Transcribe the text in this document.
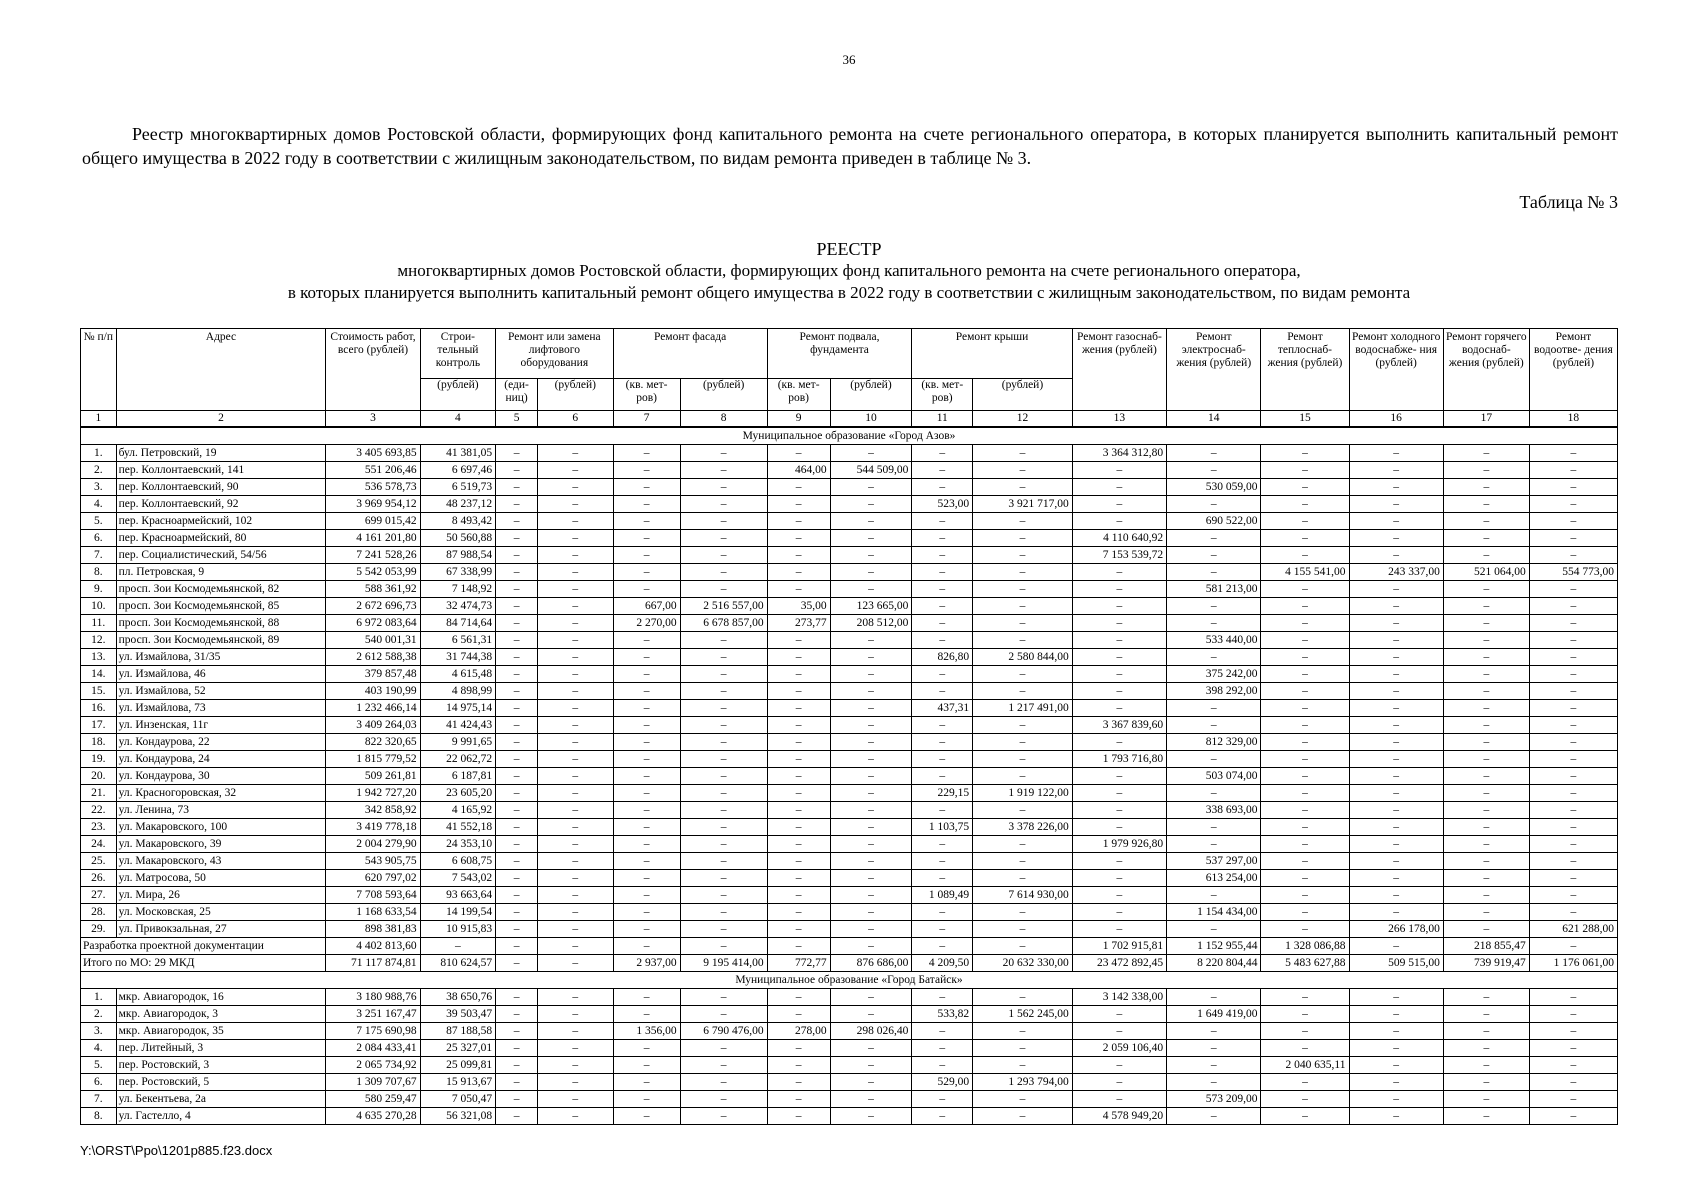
36
Реестр многоквартирных домов Ростовской области, формирующих фонд капитального ремонта на счете регионального оператора, в которых планируется выполнить капитальный ремонт общего имущества в 2022 году в соответствии с жилищным законодательством, по видам ремонта приведен в таблице № 3.
Таблица № 3
РЕЕСТР
многоквартирных домов Ростовской области, формирующих фонд капитального ремонта на счете регионального оператора,
в которых планируется выполнить капитальный ремонт общего имущества в 2022 году в соответствии с жилищным законодательством, по видам ремонта
№ п/п	Адрес	Стоимость работ, всего (рублей)	Строи- тельный контроль	Ремонт или замена лифтового оборудования		Ремонт фасада		Ремонт подвала, фундамента		Ремонт крыши		Ремонт газоснаб- жения (рублей)	Ремонт электроснаб- жения (рублей)	Ремонт теплоснаб- жения (рублей)	Ремонт холодного водоснабже- ния (рублей)	Ремонт горячего водоснаб- жения (рублей)	Ремонт водоотве- дения (рублей)
			(рублей)	(еди- ниц)	(рублей)	(кв. мет- ров)	(рублей)	(кв. мет- ров)	(рублей)	(кв. мет- ров)	(рублей)						
1	2	3	4	5	6	7	8	9	10	11	12	13	14	15	16	17	18
Муниципальное образование «Город Азов»																	
1.	бул. Петровский, 19	3 405 693,85	41 381,05	–	–	–	–	–	–	–	–	3 364 312,80	–	–	–	–	–
2.	пер. Коллонтаевский, 141	551 206,46	6 697,46	–	–	–	–	464,00	544 509,00	–	–	–	–	–	–	–	–
3.	пер. Коллонтаевский, 90	536 578,73	6 519,73	–	–	–	–	–	–	–	–	–	530 059,00	–	–	–	–
4.	пер. Коллонтаевский, 92	3 969 954,12	48 237,12	–	–	–	–	–	–	523,00	3 921 717,00	–	–	–	–	–	–
5.	пер. Красноармейский, 102	699 015,42	8 493,42	–	–	–	–	–	–	–	–	–	690 522,00	–	–	–	–
6.	пер. Красноармейский, 80	4 161 201,80	50 560,88	–	–	–	–	–	–	–	–	4 110 640,92	–	–	–	–	–
7.	пер. Социалистический, 54/56	7 241 528,26	87 988,54	–	–	–	–	–	–	–	–	7 153 539,72	–	–	–	–	–
8.	пл. Петровская, 9	5 542 053,99	67 338,99	–	–	–	–	–	–	–	–	–	–	4 155 541,00	243 337,00	521 064,00	554 773,00
9.	просп. Зои Космодемьянской, 82	588 361,92	7 148,92	–	–	–	–	–	–	–	–	–	581 213,00	–	–	–	–
10.	просп. Зои Космодемьянской, 85	2 672 696,73	32 474,73	–	–	667,00	2 516 557,00	35,00	123 665,00	–	–	–	–	–	–	–	–
11.	просп. Зои Космодемьянской, 88	6 972 083,64	84 714,64	–	–	2 270,00	6 678 857,00	273,77	208 512,00	–	–	–	–	–	–	–	–
12.	просп. Зои Космодемьянской, 89	540 001,31	6 561,31	–	–	–	–	–	–	–	–	–	533 440,00	–	–	–	–
13.	ул. Измайлова, 31/35	2 612 588,38	31 744,38	–	–	–	–	–	–	826,80	2 580 844,00	–	–	–	–	–	–
14.	ул. Измайлова, 46	379 857,48	4 615,48	–	–	–	–	–	–	–	–	–	375 242,00	–	–	–	–
15.	ул. Измайлова, 52	403 190,99	4 898,99	–	–	–	–	–	–	–	–	–	398 292,00	–	–	–	–
16.	ул. Измайлова, 73	1 232 466,14	14 975,14	–	–	–	–	–	–	437,31	1 217 491,00	–	–	–	–	–	–
17.	ул. Инзенская, 11г	3 409 264,03	41 424,43	–	–	–	–	–	–	–	–	3 367 839,60	–	–	–	–	–
18.	ул. Кондаурова, 22	822 320,65	9 991,65	–	–	–	–	–	–	–	–	–	812 329,00	–	–	–	–
19.	ул. Кондаурова, 24	1 815 779,52	22 062,72	–	–	–	–	–	–	–	–	1 793 716,80	–	–	–	–	–
20.	ул. Кондаурова, 30	509 261,81	6 187,81	–	–	–	–	–	–	–	–	–	503 074,00	–	–	–	–
21.	ул. Красногоровская, 32	1 942 727,20	23 605,20	–	–	–	–	–	–	229,15	1 919 122,00	–	–	–	–	–	–
22.	ул. Ленина, 73	342 858,92	4 165,92	–	–	–	–	–	–	–	–	–	338 693,00	–	–	–	–
23.	ул. Макаровского, 100	3 419 778,18	41 552,18	–	–	–	–	–	–	1 103,75	3 378 226,00	–	–	–	–	–	–
24.	ул. Макаровского, 39	2 004 279,90	24 353,10	–	–	–	–	–	–	–	–	1 979 926,80	–	–	–	–	–
25.	ул. Макаровского, 43	543 905,75	6 608,75	–	–	–	–	–	–	–	–	–	537 297,00	–	–	–	–
26.	ул. Матросова, 50	620 797,02	7 543,02	–	–	–	–	–	–	–	–	–	613 254,00	–	–	–	–
27.	ул. Мира, 26	7 708 593,64	93 663,64	–	–	–	–	–	–	1 089,49	7 614 930,00	–	–	–	–	–	–
28.	ул. Московская, 25	1 168 633,54	14 199,54	–	–	–	–	–	–	–	–	–	1 154 434,00	–	–	–	–
29.	ул. Привокзальная, 27	898 381,83	10 915,83	–	–	–	–	–	–	–	–	–	–	–	266 178,00	–	621 288,00
Разработка проектной документации		4 402 813,60	–	–	–	–	–	–	–	–	–	1 702 915,81	1 152 955,44	1 328 086,88	–	218 855,47	–
Итого по МО: 29 МКД		71 117 874,81	810 624,57	–	–	2 937,00	9 195 414,00	772,77	876 686,00	4 209,50	20 632 330,00	23 472 892,45	8 220 804,44	5 483 627,88	509 515,00	739 919,47	1 176 061,00
Муниципальное образование «Город Батайск»																	
1.	мкр. Авиагородок, 16	3 180 988,76	38 650,76	–	–	–	–	–	–	–	–	3 142 338,00	–	–	–	–	–
2.	мкр. Авиагородок, 3	3 251 167,47	39 503,47	–	–	–	–	–	–	533,82	1 562 245,00	–	1 649 419,00	–	–	–	–
3.	мкр. Авиагородок, 35	7 175 690,98	87 188,58	–	–	1 356,00	6 790 476,00	278,00	298 026,40	–	–	–	–	–	–	–	–
4.	пер. Литейный, 3	2 084 433,41	25 327,01	–	–	–	–	–	–	–	–	2 059 106,40	–	–	–	–	–
5.	пер. Ростовский, 3	2 065 734,92	25 099,81	–	–	–	–	–	–	–	–	–	–	2 040 635,11	–	–	–
6.	пер. Ростовский, 5	1 309 707,67	15 913,67	–	–	–	–	–	–	529,00	1 293 794,00	–	–	–	–	–	–
7.	ул. Бекентьева, 2а	580 259,47	7 050,47	–	–	–	–	–	–	–	–	–	573 209,00	–	–	–	–
8.	ул. Гастелло, 4	4 635 270,28	56 321,08	–	–	–	–	–	–	–	–	4 578 949,20	–	–	–	–	–
Y:\ORST\Ppo\1201p885.f23.docx
